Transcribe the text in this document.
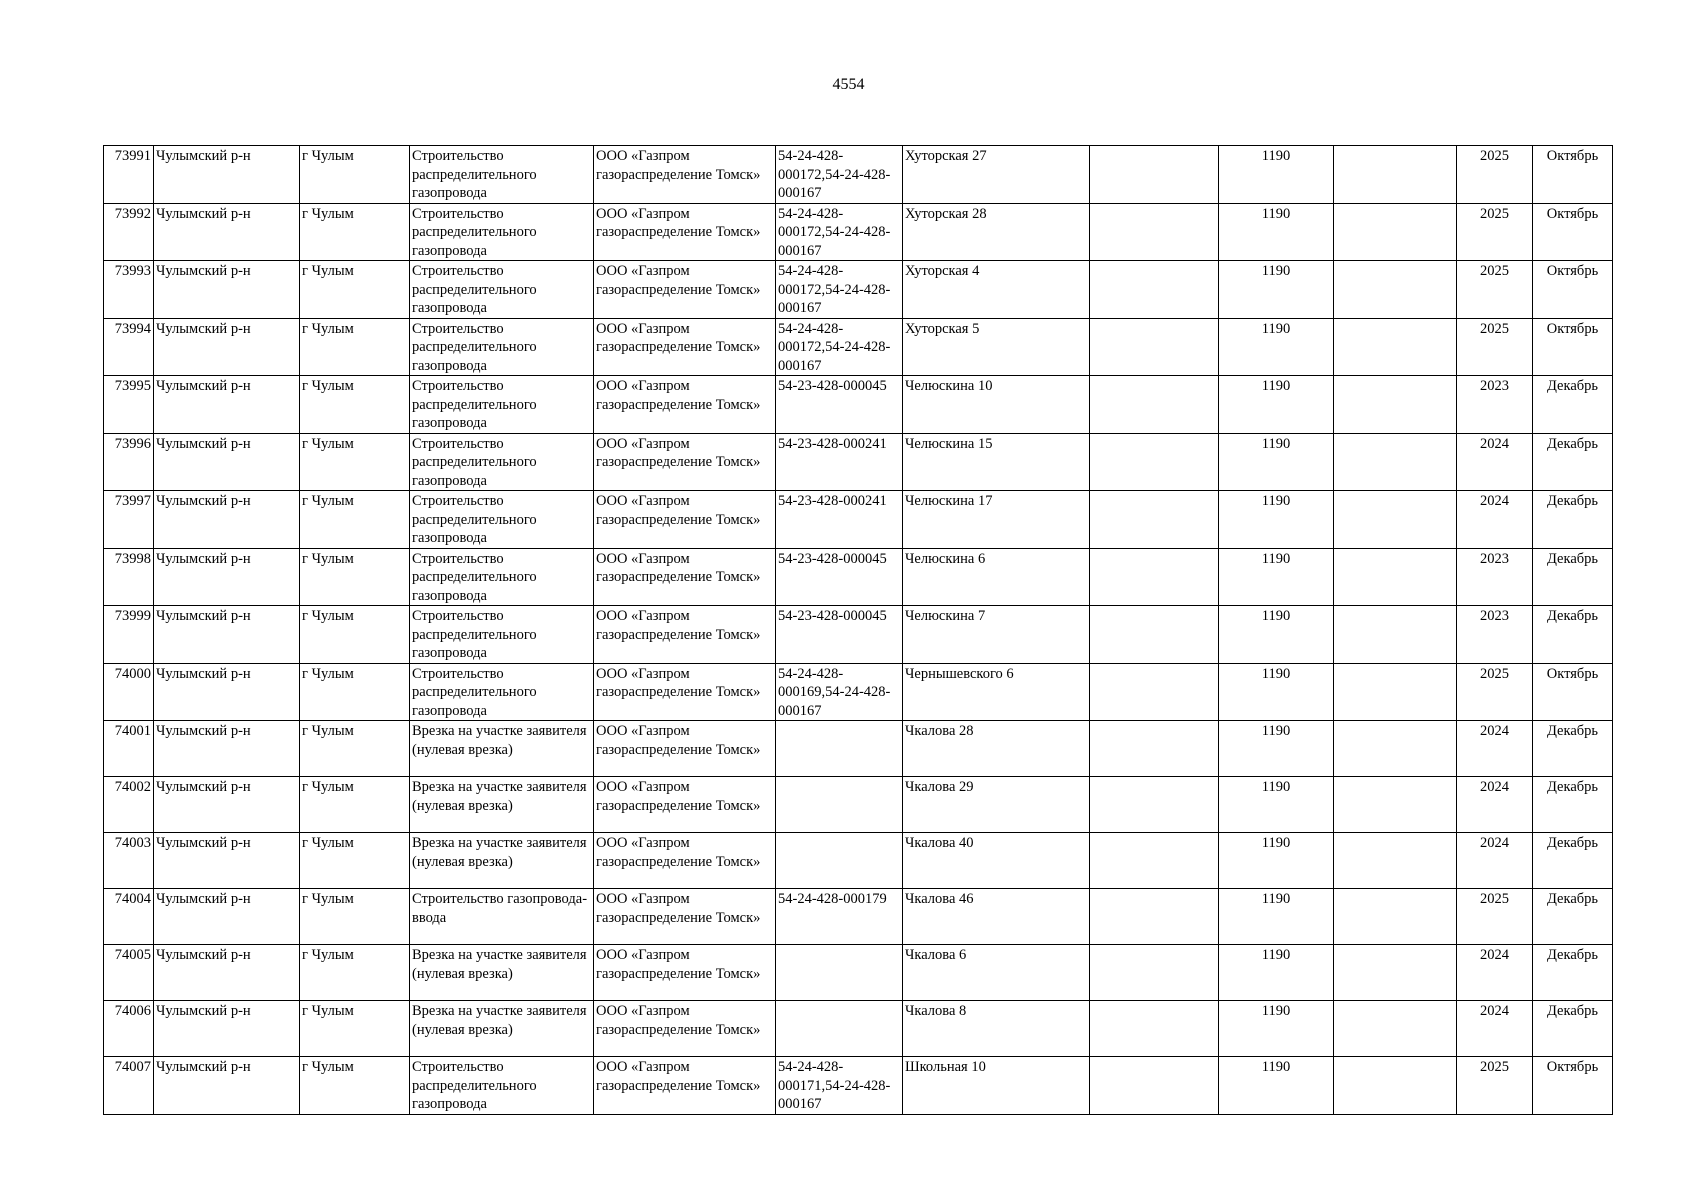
4554
73991	Чулымский р-н	г Чулым	Строительство распределительного газопровода	ООО «Газпром газораспределение Томск»	54-24-428-000172,54-24-428-000167	Хуторская 27		1190		2025	Октябрь
73992	Чулымский р-н	г Чулым	Строительство распределительного газопровода	ООО «Газпром газораспределение Томск»	54-24-428-000172,54-24-428-000167	Хуторская 28		1190		2025	Октябрь
73993	Чулымский р-н	г Чулым	Строительство распределительного газопровода	ООО «Газпром газораспределение Томск»	54-24-428-000172,54-24-428-000167	Хуторская 4		1190		2025	Октябрь
73994	Чулымский р-н	г Чулым	Строительство распределительного газопровода	ООО «Газпром газораспределение Томск»	54-24-428-000172,54-24-428-000167	Хуторская 5		1190		2025	Октябрь
73995	Чулымский р-н	г Чулым	Строительство распределительного газопровода	ООО «Газпром газораспределение Томск»	54-23-428-000045	Челюскина 10		1190		2023	Декабрь
73996	Чулымский р-н	г Чулым	Строительство распределительного газопровода	ООО «Газпром газораспределение Томск»	54-23-428-000241	Челюскина 15		1190		2024	Декабрь
73997	Чулымский р-н	г Чулым	Строительство распределительного газопровода	ООО «Газпром газораспределение Томск»	54-23-428-000241	Челюскина 17		1190		2024	Декабрь
73998	Чулымский р-н	г Чулым	Строительство распределительного газопровода	ООО «Газпром газораспределение Томск»	54-23-428-000045	Челюскина 6		1190		2023	Декабрь
73999	Чулымский р-н	г Чулым	Строительство распределительного газопровода	ООО «Газпром газораспределение Томск»	54-23-428-000045	Челюскина 7		1190		2023	Декабрь
74000	Чулымский р-н	г Чулым	Строительство распределительного газопровода	ООО «Газпром газораспределение Томск»	54-24-428-000169,54-24-428-000167	Чернышевского 6		1190		2025	Октябрь
74001	Чулымский р-н	г Чулым	Врезка на участке заявителя (нулевая врезка)	ООО «Газпром газораспределение Томск»		Чкалова 28		1190		2024	Декабрь
74002	Чулымский р-н	г Чулым	Врезка на участке заявителя (нулевая врезка)	ООО «Газпром газораспределение Томск»		Чкалова 29		1190		2024	Декабрь
74003	Чулымский р-н	г Чулым	Врезка на участке заявителя (нулевая врезка)	ООО «Газпром газораспределение Томск»		Чкалова 40		1190		2024	Декабрь
74004	Чулымский р-н	г Чулым	Строительство газопровода-ввода	ООО «Газпром газораспределение Томск»	54-24-428-000179	Чкалова 46		1190		2025	Декабрь
74005	Чулымский р-н	г Чулым	Врезка на участке заявителя (нулевая врезка)	ООО «Газпром газораспределение Томск»		Чкалова 6		1190		2024	Декабрь
74006	Чулымский р-н	г Чулым	Врезка на участке заявителя (нулевая врезка)	ООО «Газпром газораспределение Томск»		Чкалова 8		1190		2024	Декабрь
74007	Чулымский р-н	г Чулым	Строительство распределительного газопровода	ООО «Газпром газораспределение Томск»	54-24-428-000171,54-24-428-000167	Школьная 10		1190		2025	Октябрь
